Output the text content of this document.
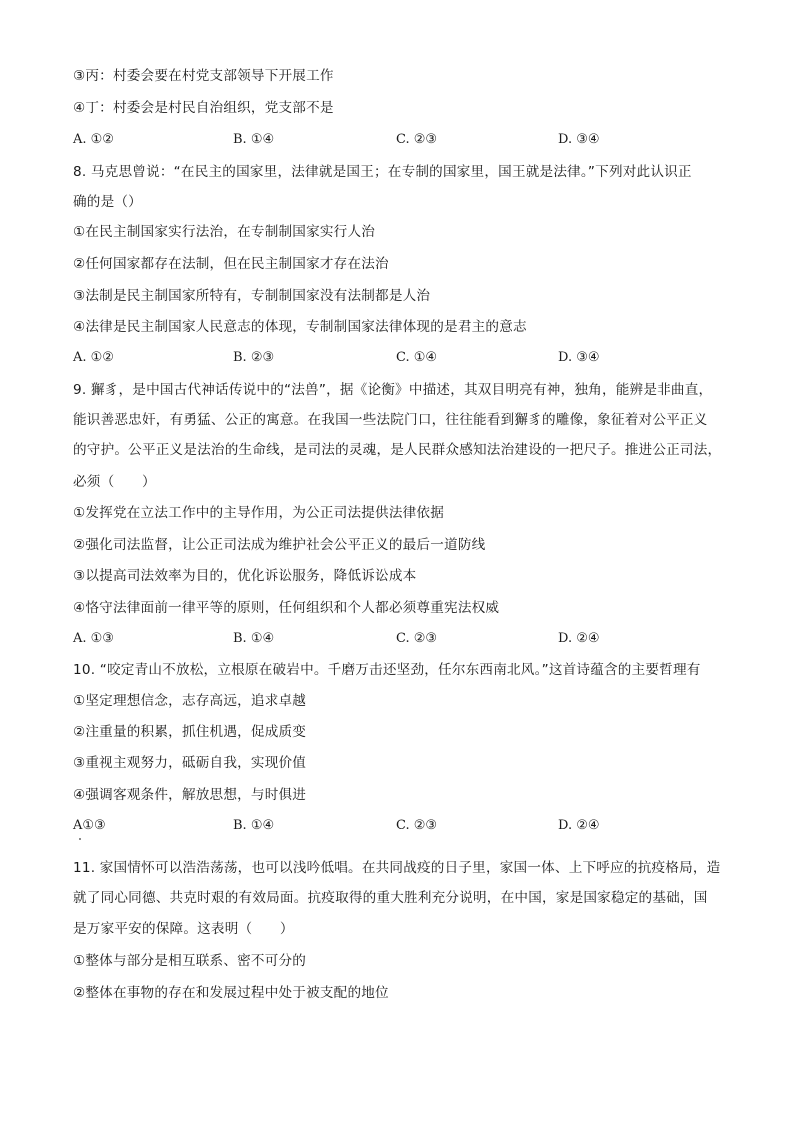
③丙：村委会要在村党支部领导下开展工作
④丁：村委会是村民自治组织，党支部不是
A. ①②	B. ①④	C. ②③	D. ③④
8. 马克思曾说：“在民主的国家里，法律就是国王；在专制的国家里，国王就是法律。”下列对此认识正
确的是（）
①在民主制国家实行法治，在专制制国家实行人治
②任何国家都存在法制，但在民主制国家才存在法治
③法制是民主制国家所特有，专制制国家没有法制都是人治
④法律是民主制国家人民意志的体现，专制制国家法律体现的是君主的意志
A. ①②	B. ②③	C. ①④	D. ③④
9. 獬豸，是中国古代神话传说中的“法兽”，据《论衡》中描述，其双目明亮有神，独角，能辨是非曲直，
能识善恶忠奸，有勇猛、公正的寓意。在我国一些法院门口，往往能看到獬豸的雕像，象征着对公平正义
的守护。公平正义是法治的生命线，是司法的灵魂，是人民群众感知法治建设的一把尺子。推进公正司法，
必须（　　）
①发挥党在立法工作中的主导作用，为公正司法提供法律依据
②强化司法监督，让公正司法成为维护社会公平正义的最后一道防线
③以提高司法效率为目的，优化诉讼服务，降低诉讼成本
④恪守法律面前一律平等的原则，任何组织和个人都必须尊重宪法权威
A. ①③	B. ①④	C. ②③	D. ②④
10. “咬定青山不放松，立根原在破岩中。千磨万击还坚劲，任尔东西南北风。”这首诗蕴含的主要哲理有
①坚定理想信念，志存高远，追求卓越
②注重量的积累，抓住机遇，促成质变
③重视主观努力，砥砺自我，实现价值
④强调客观条件，解放思想，与时俱进
A①③	B. ①④	C. ②③	D. ②④
11. 家国情怀可以浩浩荡荡，也可以浅吟低唱。在共同战疫的日子里，家国一体、上下呼应的抗疫格局，造
就了同心同德、共克时艰的有效局面。抗疫取得的重大胜利充分说明，在中国，家是国家稳定的基础，国
是万家平安的保障。这表明（　　）
①整体与部分是相互联系、密不可分的
②整体在事物的存在和发展过程中处于被支配的地位
